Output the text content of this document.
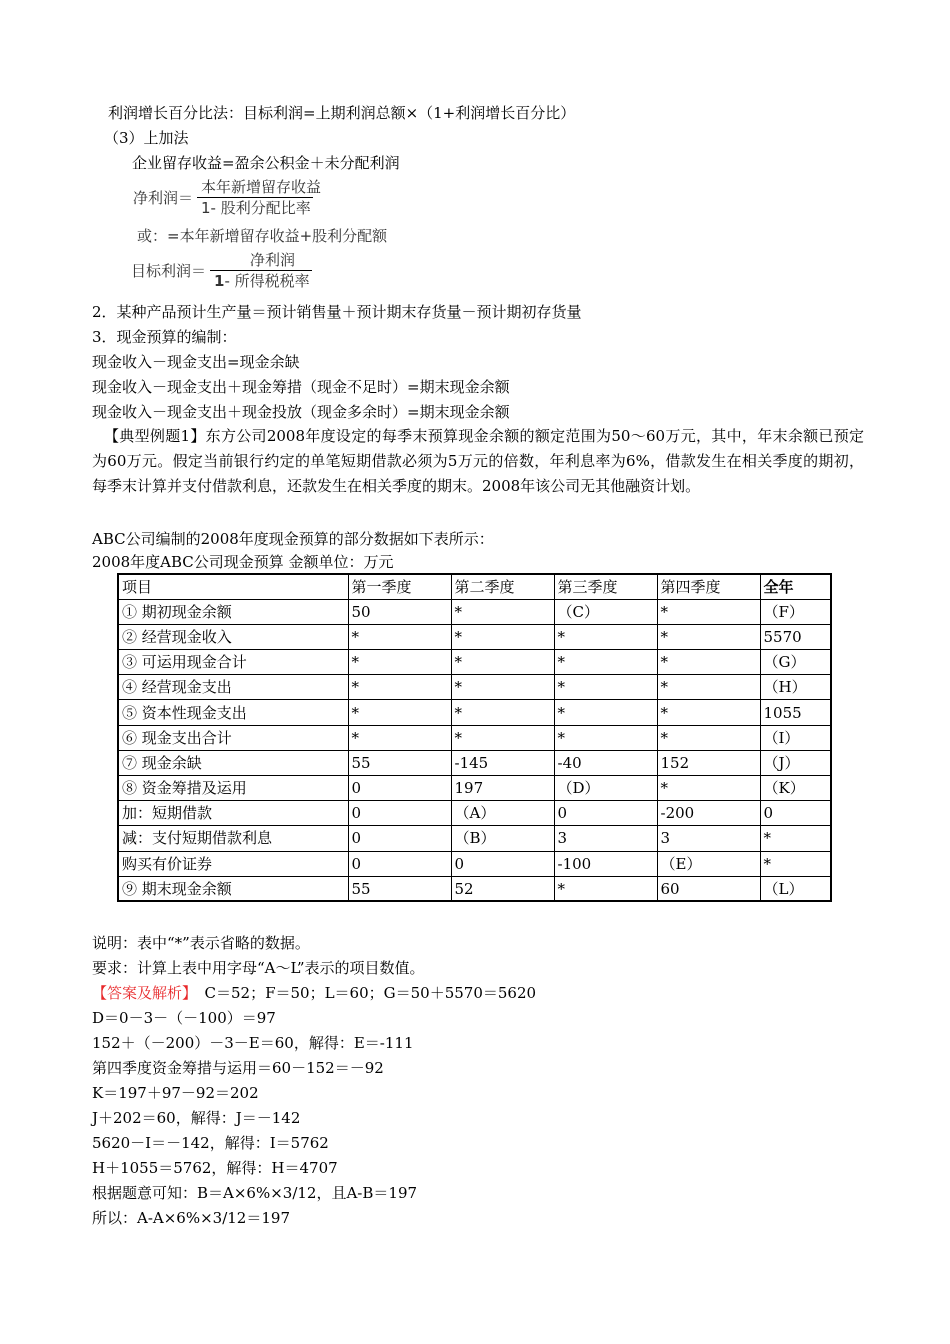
利润增长百分比法：目标利润=上期利润总额×（1+利润增长百分比）
（3）上加法
企业留存收益=盈余公积金＋未分配利润
净利润＝ $\frac{\text{本年新增留存收益}}{\text{1- 股利分配比率}}$
或：=本年新增留存收益+股利分配额
目标利润＝ $\frac{\text{净利润}}{\text{1- 所得税税率}}$
2．某种产品预计生产量＝预计销售量＋预计期末存货量－预计期初存货量
3．现金预算的编制：
现金收入－现金支出=现金余缺
现金收入－现金支出＋现金筹措（现金不足时）=期末现金余额
现金收入－现金支出＋现金投放（现金多余时）=期末现金余额
【典型例题1】东方公司2008年度设定的每季末预算现金余额的额定范围为50～60万元，其中，年末余额已预定为60万元。假定当前银行约定的单笔短期借款必须为5万元的倍数，年利息率为6%，借款发生在相关季度的期初，每季末计算并支付借款利息，还款发生在相关季度的期末。2008年该公司无其他融资计划。
ABC公司编制的2008年度现金预算的部分数据如下表所示：
2008年度ABC公司现金预算 金额单位：万元
项目	第一季度	第二季度	第三季度	第四季度	全年
① 期初现金余额	50	*	（C）	*	（F）
② 经营现金收入	*	*	*	*	5570
③ 可运用现金合计	*	*	*	*	（G）
④ 经营现金支出	*	*	*	*	（H）
⑤ 资本性现金支出	*	*	*	*	1055
⑥ 现金支出合计	*	*	*	*	（I）
⑦ 现金余缺	55	-145	-40	152	（J）
⑧ 资金筹措及运用	0	197	（D）	*	（K）
加：短期借款	0	（A）	0	-200	0
减：支付短期借款利息	0	（B）	3	3	*
购买有价证券	0	0	-100	（E）	*
⑨ 期末现金余额	55	52	*	60	（L）
说明：表中“*”表示省略的数据。
要求：计算上表中用字母“A～L”表示的项目数值。
【答案及解析】　C＝52；F＝50；L＝60；G＝50＋5570＝5620
D＝0－3－（－100）＝97
152＋（－200）－3－E＝60，解得：E＝-111
第四季度资金筹措与运用＝60－152＝－92
K＝197＋97－92＝202
J＋202＝60，解得：J＝－142
5620－I＝－142，解得：I＝5762
H＋1055＝5762，解得：H＝4707
根据题意可知：B＝A×6%×3/12，且A-B＝197
所以：A-A×6%×3/12＝197
